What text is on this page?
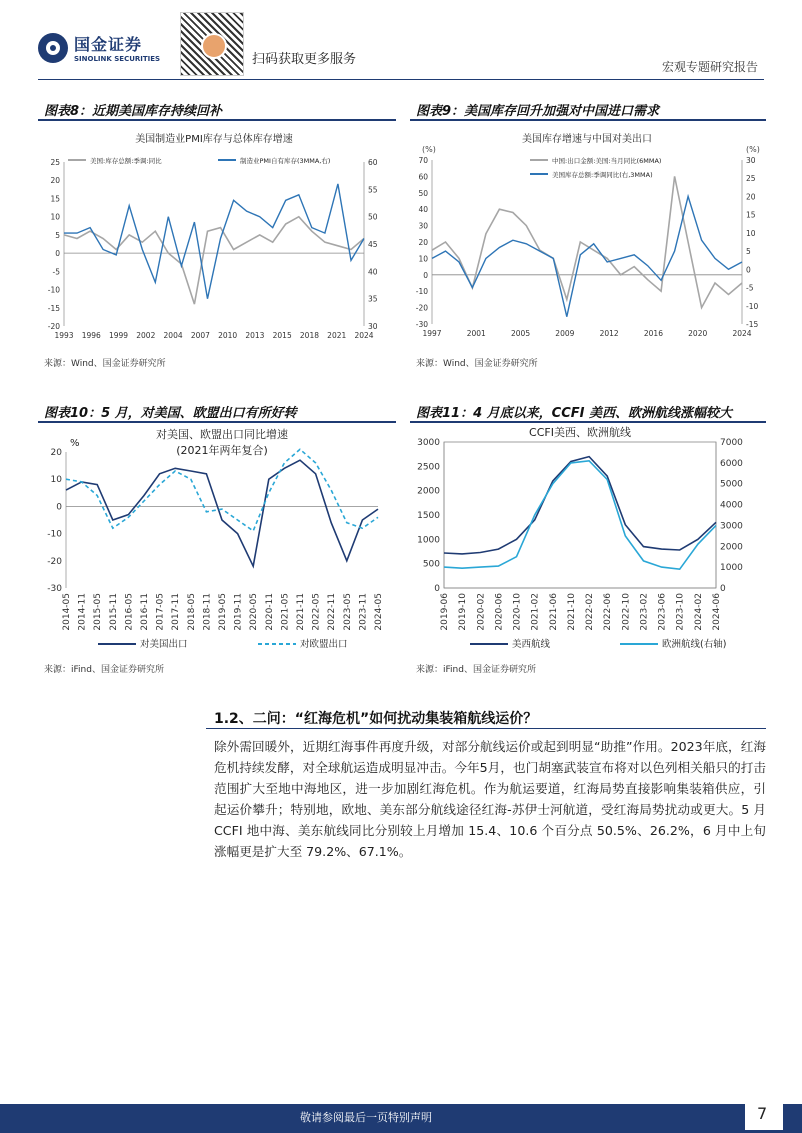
国金证券
SINOLINK SECURITIES	扫码获取更多服务	宏观专题研究报告
图表8：近期美国库存持续回补	图表9：美国库存回升加强对中国进口需求
图表10：5 月，对美国、欧盟出口有所好转	图表11：4 月底以来，CCFI 美西、欧洲航线涨幅较大
美国制造业PMI库存与总体库存增速
25
20
15
10
5
0
-5
-10
-15
-20
60
55
50
45
40
35
30
1993 1996 1999 2002 2004 2007 2010 2013 2015 2018 2021 2024
美国:库存总额:季调:同比	制造业PMI自有库存(3MMA,右)
美国库存增速与中国对美出口
(%)	(%)
70
60
50
40
30
20
10
0
-10
-20
-30
30
25
20
15
10
5
0
-5
-10
-15
1997	2001	2005	2009	2012	2016	2020	2024
中国:出口金额:美国:当月同比(6MMA)
美国库存总额:季调同比(右,3MMA)
对美国、欧盟出口同比增速
(2021年两年复合)
%
20
10
0
-10
-20
-30
2014-05 2014-11 2015-05 2015-11 2016-05 2016-11 2017-05 2017-11 2018-05 2018-11 2019-05 2019-11 2020-05 2020-11 2021-05 2021-11 2022-05 2022-11 2023-05 2023-11 2024-05
对美国出口	对欧盟出口
CCFI美西、欧洲航线
3000
2500
2000
1500
1000
500
0
7000
6000
5000
4000
3000
2000
1000
0
2019-06 2019-10 2020-02 2020-06 2020-10 2021-02 2021-06 2021-10 2022-02 2022-06 2022-10 2023-02 2023-06 2023-10 2024-02 2024-06
美西航线	欧洲航线(右轴)
来源：Wind、国金证券研究所	来源：Wind、国金证券研究所
来源：iFind、国金证券研究所	来源：iFind、国金证券研究所
1.2、二问：“红海危机”如何扰动集装箱航线运价？
除外需回暖外，近期红海事件再度升级，对部分航线运价或起到明显“助推”作用。2023年底，红海危机持续发酵，对全球航运造成明显冲击。今年5月，也门胡塞武装宣布将对以色列相关船只的打击范围扩大至地中海地区，进一步加剧红海危机。作为航运要道，红海局势直接影响集装箱供应，引起运价攀升；特别地，欧地、美东部分航线途径红海-苏伊士河航道，受红海局势扰动或更大。5 月 CCFI 地中海、美东航线同比分别较上月增加 15.4、10.6 个百分点 50.5%、26.2%，6 月中上旬涨幅更是扩大至 79.2%、67.1%。
敬请参阅最后一页特别声明	7
